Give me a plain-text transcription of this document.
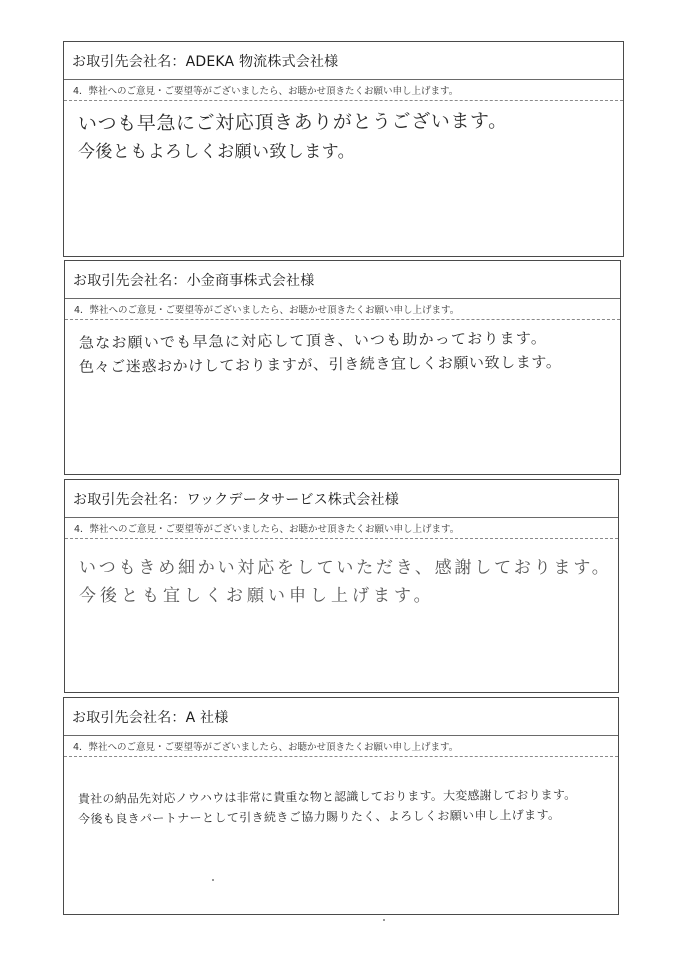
お取引先会社名：ADEKA 物流株式会社様
4．弊社へのご意見・ご要望等がございましたら、お聴かせ頂きたくお願い申し上げます。
いつも早急にご対応頂きありがとうございます。
今後ともよろしくお願い致します。
お取引先会社名：小金商事株式会社様
4．弊社へのご意見・ご要望等がございましたら、お聴かせ頂きたくお願い申し上げます。
急なお願いでも早急に対応して頂き、いつも助かっております。
色々ご迷惑おかけしておりますが、引き続き宜しくお願い致します。
お取引先会社名：ワックデータサービス株式会社様
4．弊社へのご意見・ご要望等がございましたら、お聴かせ頂きたくお願い申し上げます。
いつもきめ細かい対応をしていただき、感謝しております。
今後とも宜しくお願い申し上げます。
お取引先会社名：A 社様
4．弊社へのご意見・ご要望等がございましたら、お聴かせ頂きたくお願い申し上げます。
貴社の納品先対応ノウハウは非常に貴重な物と認識しております。大変感謝しております。
今後も良きパートナーとして引き続きご協力賜りたく、よろしくお願い申し上げます。
